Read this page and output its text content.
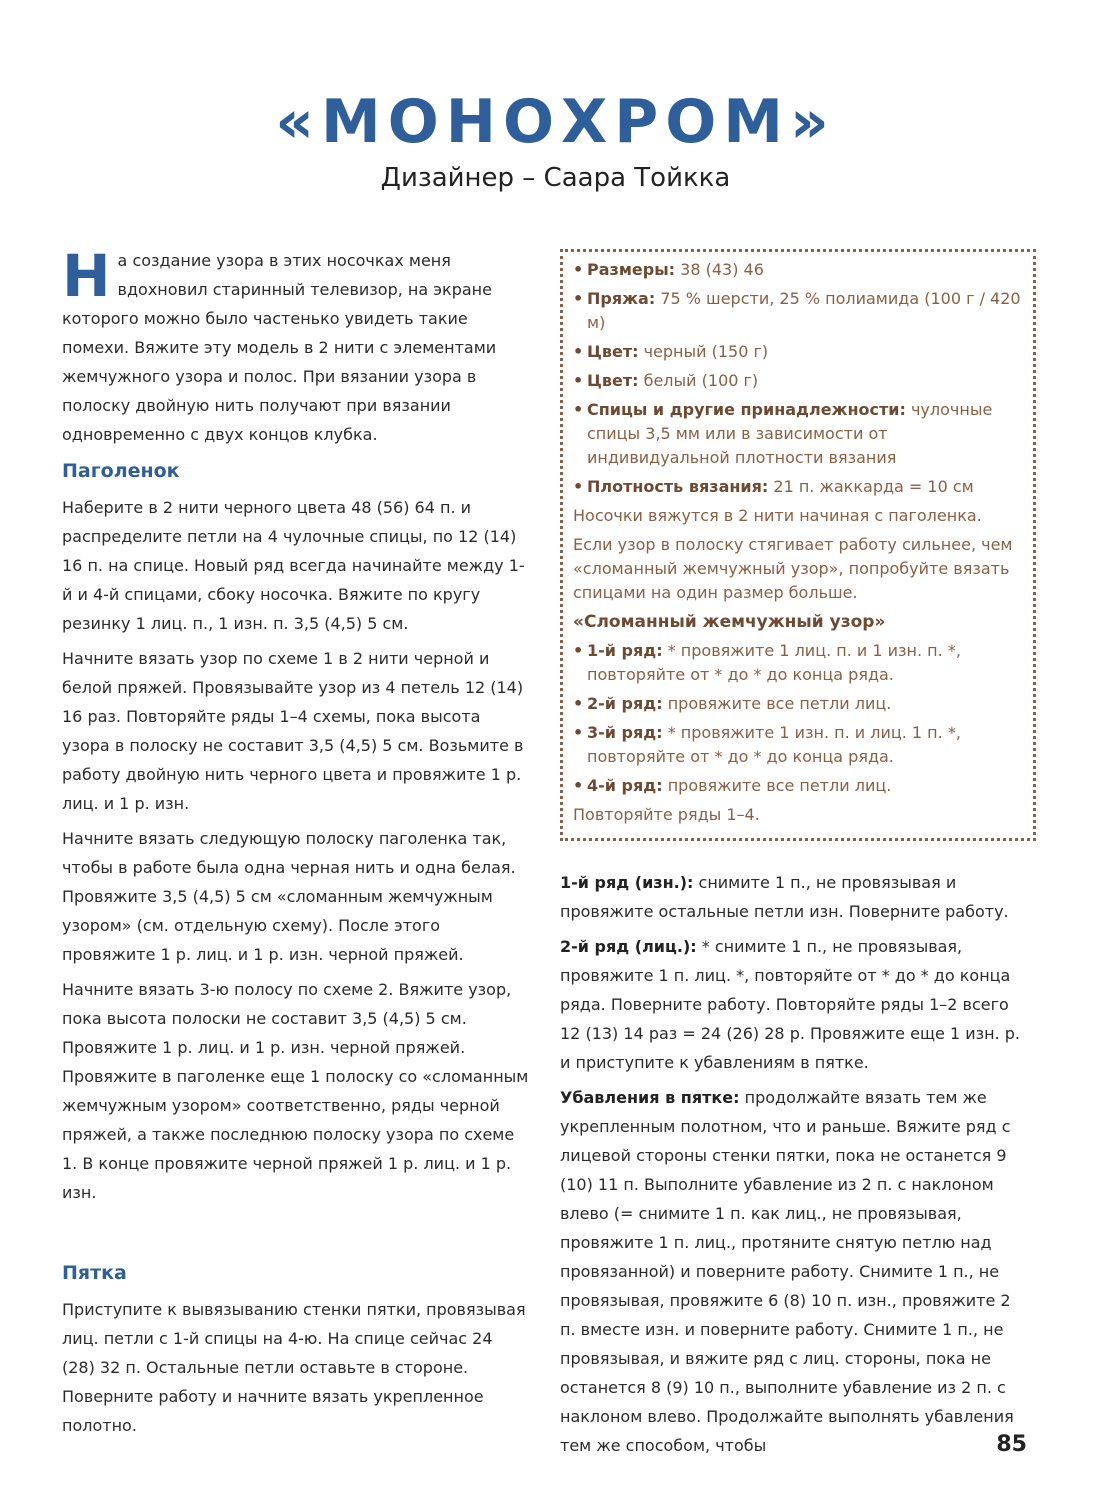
«МОНОХРОМ»
Дизайнер – Саара Тойкка

На создание узора в этих носочках меня вдохновил старинный телевизор, на экране которого можно было частенько увидеть такие помехи. Вяжите эту модель в 2 нити с элементами жемчужного узора и полос. При вязании узора в полоску двойную нить получают при вязании одновременно с двух концов клубка.

Паголенок

Наберите в 2 нити черного цвета 48 (56) 64 п. и распределите петли на 4 чулочные спицы, по 12 (14) 16 п. на спице. Новый ряд всегда начинайте между 1-й и 4-й спицами, сбоку носочка. Вяжите по кругу резинку 1 лиц. п., 1 изн. п. 3,5 (4,5) 5 см.

Начните вязать узор по схеме 1 в 2 нити черной и белой пряжей. Провязывайте узор из 4 петель 12 (14) 16 раз. Повторяйте ряды 1–4 схемы, пока высота узора в полоску не составит 3,5 (4,5) 5 см. Возьмите в работу двойную нить черного цвета и провяжите 1 р. лиц. и 1 р. изн.

Начните вязать следующую полоску паголенка так, чтобы в работе была одна черная нить и одна белая. Провяжите 3,5 (4,5) 5 см «сломанным жемчужным узором» (см. отдельную схему). После этого провяжите 1 р. лиц. и 1 р. изн. черной пряжей.

Начните вязать 3-ю полосу по схеме 2. Вяжите узор, пока высота полоски не составит 3,5 (4,5) 5 см. Провяжите 1 р. лиц. и 1 р. изн. черной пряжей. Провяжите в паголенке еще 1 полоску со «сломанным жемчужным узором» соответственно, ряды черной пряжей, а также последнюю полоску узора по схеме 1. В конце провяжите черной пряжей 1 р. лиц. и 1 р. изн.

Пятка

Приступите к вывязыванию стенки пятки, провязывая лиц. петли с 1-й спицы на 4-ю. На спице сейчас 24 (28) 32 п. Остальные петли оставьте в стороне. Поверните работу и начните вязать укрепленное полотно.

• Размеры: 38 (43) 46
• Пряжа: 75 % шерсти, 25 % полиамида (100 г / 420 м)
• Цвет: черный (150 г)
• Цвет: белый (100 г)
• Спицы и другие принадлежности: чулочные спицы 3,5 мм или в зависимости от индивидуальной плотности вязания
• Плотность вязания: 21 п. жаккарда = 10 см
Носочки вяжутся в 2 нити начиная с паголенка.
Если узор в полоску стягивает работу сильнее, чем «сломанный жемчужный узор», попробуйте вязать спицами на один размер больше.
«Сломанный жемчужный узор»
• 1-й ряд: * провяжите 1 лиц. п. и 1 изн. п. *, повторяйте от * до * до конца ряда.
• 2-й ряд: провяжите все петли лиц.
• 3-й ряд: * провяжите 1 изн. п. и лиц. 1 п. *, повторяйте от * до * до конца ряда.
• 4-й ряд: провяжите все петли лиц.
Повторяйте ряды 1–4.

1-й ряд (изн.): снимите 1 п., не провязывая и провяжите остальные петли изн. Поверните работу.

2-й ряд (лиц.): * снимите 1 п., не провязывая, провяжите 1 п. лиц. *, повторяйте от * до * до конца ряда. Поверните работу. Повторяйте ряды 1–2 всего 12 (13) 14 раз = 24 (26) 28 р. Провяжите еще 1 изн. р. и приступите к убавлениям в пятке.

Убавления в пятке: продолжайте вязать тем же укрепленным полотном, что и раньше. Вяжите ряд с лицевой стороны стенки пятки, пока не останется 9 (10) 11 п. Выполните убавление из 2 п. с наклоном влево (= снимите 1 п. как лиц., не провязывая, провяжите 1 п. лиц., протяните снятую петлю над провязанной) и поверните работу. Снимите 1 п., не провязывая, провяжите 6 (8) 10 п. изн., провяжите 2 п. вместе изн. и поверните работу. Снимите 1 п., не провязывая, и вяжите ряд с лиц. стороны, пока не останется 8 (9) 10 п., выполните убавление из 2 п. с наклоном влево. Продолжайте выполнять убавления тем же способом, чтобы	85
